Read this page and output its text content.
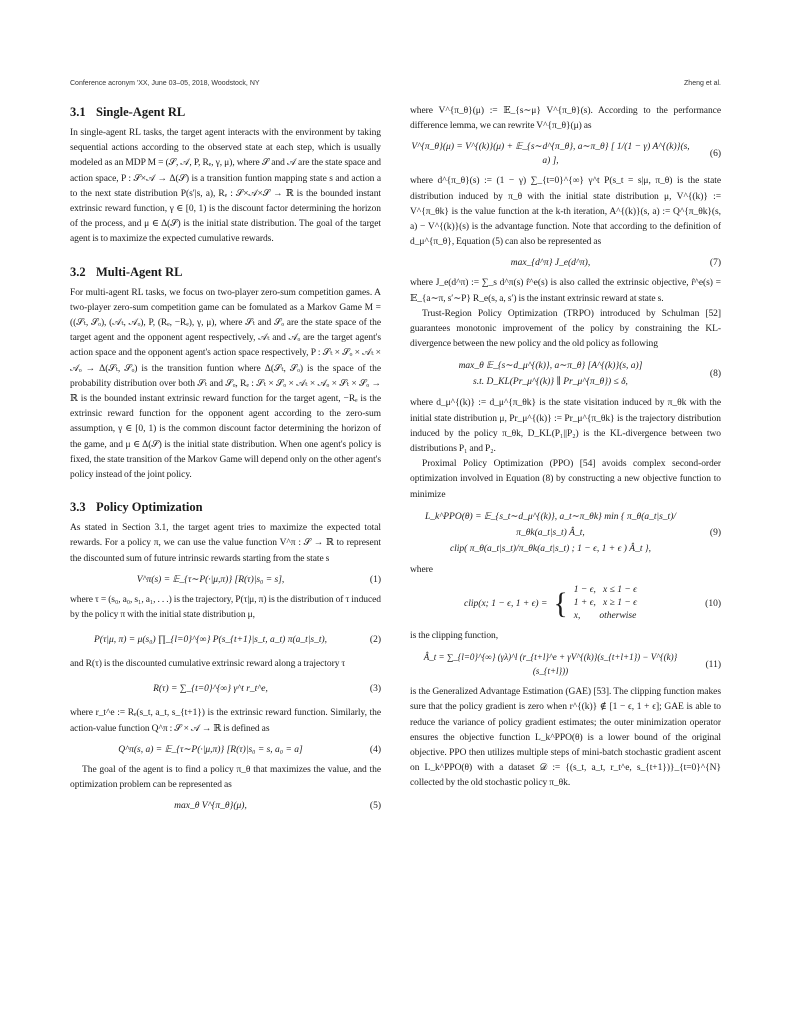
Conference acronym 'XX, June 03–05, 2018, Woodstock, NY	Zheng et al.
3.1 Single-Agent RL

In single-agent RL tasks, the target agent interacts with the environment by taking sequential actions according to the observed state at each step, which is usually modeled as an MDP M = (𝒮, 𝒜, P, Rₑ, γ, μ), where 𝒮 and 𝒜 are the state space and action space, P : 𝒮×𝒜 → Δ(𝒮) is a transition funtion mapping state s and action a to the next state distribution P(s′|s, a), Rₑ : 𝒮×𝒜×𝒮 → ℝ is the bounded instant extrinsic reward function, γ ∈ [0, 1) is the discount factor determining the horizon of the process, and μ ∈ Δ(𝒮) is the initial state distribution. The goal of the target agent is to maximize the expected cumulative rewards.

3.2 Multi-Agent RL

For multi-agent RL tasks, we focus on two-player zero-sum competition games. A two-player zero-sum competition game can be fomulated as a Markov Game M = ((𝒮ₜ, 𝒮ₒ), (𝒜ₜ, 𝒜ₒ), P, (Rₑ, −Rₑ), γ, μ), where 𝒮ₜ and 𝒮ₒ are the state space of the target agent and the opponent agent respectively, 𝒜ₜ and 𝒜ₒ are the target agent's action space and the opponent agent's action space respectively, P : 𝒮ₜ × 𝒮ₒ × 𝒜ₜ × 𝒜ₒ → Δ(𝒮ₜ, 𝒮ₒ) is the transition funtion where Δ(𝒮ₜ, 𝒮ₒ) is the space of the probability distribution over both 𝒮ₜ and 𝒮ₒ, Rₑ : 𝒮ₜ × 𝒮ₒ × 𝒜ₜ × 𝒜ₒ × 𝒮ₜ × 𝒮ₒ → ℝ is the bounded instant extrinsic reward function for the target agent, −Rₑ is the extrinsic reward function for the opponent agent according to the zero-sum assumption, γ ∈ [0, 1) is the common discount factor determining the horizon of the game, and μ ∈ Δ(𝒮) is the initial state distribution. When one agent's policy is fixed, the state transition of the Markov Game will depend only on the other agent's policy instead of the joint policy.

3.3 Policy Optimization

As stated in Section 3.1, the target agent tries to maximize the expected total rewards. For a policy π, we can use the value function V^π : 𝒮 → ℝ to represent the discounted sum of future intrinsic rewards starting from the state s

V^π(s) = 𝔼_{τ∼P(·|μ,π)} [R(τ)|s₀ = s],	(1)

where τ = (s₀, a₀, s₁, a₁, . . .) is the trajectory, P(τ|μ, π) is the distribution of τ induced by the policy π with the initial state distribution μ,

P(τ|μ, π) = μ(s₀) ∏_{l=0}^{∞} P(s_{t+1}|s_t, a_t) π(a_t|s_t),	(2)

and R(τ) is the discounted cumulative extrinsic reward along a trajectory τ

R(τ) = ∑_{t=0}^{∞} γ^t r_t^e,	(3)

where r_t^e := Rₑ(s_t, a_t, s_{t+1}) is the extrinsic reward function. Similarly, the action-value function Q^π : 𝒮 × 𝒜 → ℝ is defined as

Q^π(s, a) = 𝔼_{τ∼P(·|μ,π)} [R(τ)|s₀ = s, a₀ = a]	(4)

The goal of the agent is to find a policy π_θ that maximizes the value, and the optimization problem can be represented as

max_θ V^{π_θ}(μ),	(5)

where V^{π_θ}(μ) := 𝔼_{s∼μ} V^{π_θ}(s). According to the performance difference lemma, we can rewrite V^{π_θ}(μ) as

V^{π_θ}(μ) = V^{(k)}(μ) + 𝔼_{s∼d^{π_θ}, a∼π_θ} [ 1/(1 − γ) A^{(k)}(s, a) ],
(6)

where d^{π_θ}(s) := (1 − γ) ∑_{t=0}^{∞} γ^t P(s_t = s|μ, π_θ) is the state distribution induced by π_θ with the initial state distribution μ, V^{(k)} := V^{π_θk} is the value function at the k-th iteration, A^{(k)}(s, a) := Q^{π_θk}(s, a) − V^{(k)}(s) is the advantage function. Note that according to the definition of d_μ^{π_θ}, Equation (5) can also be represented as

max_{d^π} J_e(d^π),	(7)

where J_e(d^π) := ∑_s d^π(s) r̂^e(s) is also called the extrinsic objective, r̂^e(s) = 𝔼_{a∼π, s′∼P} R_e(s, a, s′) is the instant extrinsic reward at state s.

Trust-Region Policy Optimization (TRPO) introduced by Schulman [52] guarantees monotonic improvement of the policy by constraining the KL-divergence between the new policy and the old policy as following

max_θ 𝔼_{s∼d_μ^{(k)}, a∼π_θ} [A^{(k)}(s, a)]
s.t. D_KL(Pr_μ^{(k)} ∥ Pr_μ^{π_θ}) ≤ δ,
(8)

where d_μ^{(k)} := d_μ^{π_θk} is the state visitation induced by π_θk with the initial state distribution μ, Pr_μ^{(k)} := Pr_μ^{π_θk} is the trajectory distribution induced by the policy π_θk, D_KL(P₁||P₂) is the KL-divergence between two distributions P₁ and P₂.

Proximal Policy Optimization (PPO) [54] avoids complex second-order optimization involved in Equation (8) by constructing a new objective function to minimize

L_k^PPO(θ) = 𝔼_{s_t∼d_μ^{(k)}, a_t∼π_θk} min { π_θ(a_t|s_t)/π_θk(a_t|s_t) Â_t,
clip( π_θ(a_t|s_t)/π_θk(a_t|s_t) ; 1 − ϵ, 1 + ϵ ) Â_t },
(9)

where

clip(x; 1 − ϵ, 1 + ϵ) = { 1 − ϵ,   x ≤ 1 − ϵ
1 + ϵ,   x ≥ 1 − ϵ
x,        otherwise
(10)

is the clipping function,

Â_t = ∑_{l=0}^{∞} (γλ)^l (r_{t+l}^e + γV^{(k)}(s_{t+l+1}) − V^{(k)}(s_{t+l}))
(11)

is the Generalized Advantage Estimation (GAE) [53]. The clipping function makes sure that the policy gradient is zero when r^{(k)} ∉ [1 − ϵ, 1 + ϵ]; GAE is able to reduce the variance of policy gradient estimates; the outer minimization operator ensures the objective function L_k^PPO(θ) is a lower bound of the original objective. PPO then utilizes multiple steps of mini-batch stochastic gradient ascent on L_k^PPO(θ) with a dataset 𝒟 := {(s_t, a_t, r_t^e, s_{t+1})}_{t=0}^{N} collected by the old stochastic policy π_θk.
